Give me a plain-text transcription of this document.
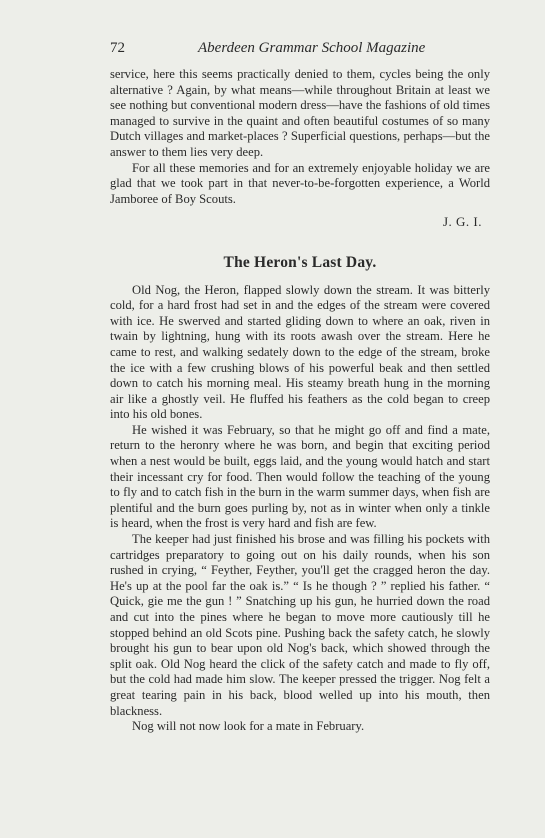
72	Aberdeen Grammar School Magazine

service, here this seems practically denied to them, cycles being the only alternative ? Again, by what means—while throughout Britain at least we see nothing but conventional modern dress—have the fashions of old times managed to survive in the quaint and often beautiful costumes of so many Dutch villages and market-places ? Superficial questions, perhaps—but the answer to them lies very deep.

For all these memories and for an extremely enjoyable holiday we are glad that we took part in that never-to-be-forgotten experience, a World Jamboree of Boy Scouts.

J. G. I.
The Heron's Last Day.

Old Nog, the Heron, flapped slowly down the stream. It was bitterly cold, for a hard frost had set in and the edges of the stream were covered with ice. He swerved and started gliding down to where an oak, riven in twain by lightning, hung with its roots awash over the stream. Here he came to rest, and walking sedately down to the edge of the stream, broke the ice with a few crushing blows of his powerful beak and then settled down to catch his morning meal. His steamy breath hung in the morning air like a ghostly veil. He fluffed his feathers as the cold began to creep into his old bones.

He wished it was February, so that he might go off and find a mate, return to the heronry where he was born, and begin that exciting period when a nest would be built, eggs laid, and the young would hatch and start their incessant cry for food. Then would follow the teaching of the young to fly and to catch fish in the burn in the warm summer days, when fish are plentiful and the burn goes purling by, not as in winter when only a tinkle is heard, when the frost is very hard and fish are few.

The keeper had just finished his brose and was filling his pockets with cartridges preparatory to going out on his daily rounds, when his son rushed in crying, “ Feyther, Feyther, you'll get the cragged heron the day. He's up at the pool far the oak is.” “ Is he though ? ” replied his father. “ Quick, gie me the gun ! ” Snatching up his gun, he hurried down the road and cut into the pines where he began to move more cautiously till he stopped behind an old Scots pine. Pushing back the safety catch, he slowly brought his gun to bear upon old Nog's back, which showed through the split oak. Old Nog heard the click of the safety catch and made to fly off, but the cold had made him slow. The keeper pressed the trigger. Nog felt a great tearing pain in his back, blood welled up into his mouth, then blackness.

Nog will not now look for a mate in February.
